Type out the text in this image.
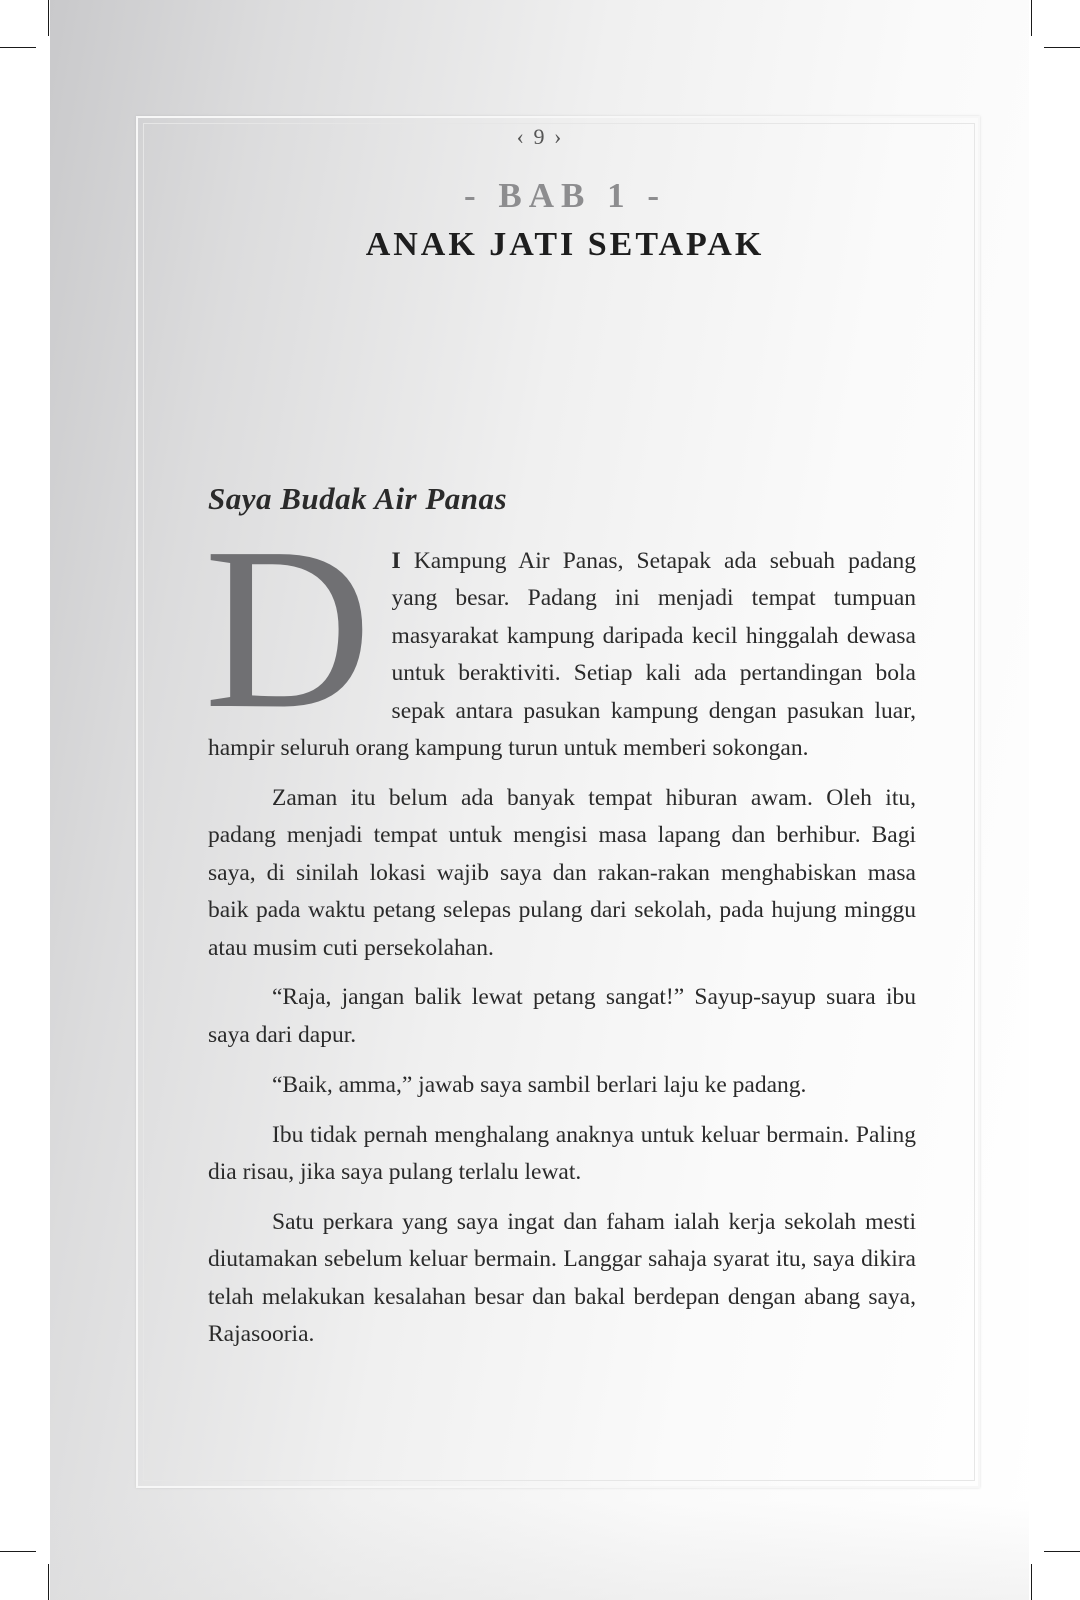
‹ 9 ›
- BAB 1 -
ANAK JATI SETAPAK
Saya Budak Air Panas

D I Kampung Air Panas, Setapak ada sebuah padang yang besar. Padang ini menjadi tempat tumpuan masyarakat kampung daripada kecil hinggalah dewasa untuk beraktiviti. Setiap kali ada pertandingan bola sepak antara pasukan kampung dengan pasukan luar, hampir seluruh orang kampung turun untuk memberi sokongan.

Zaman itu belum ada banyak tempat hiburan awam. Oleh itu, padang menjadi tempat untuk mengisi masa lapang dan berhibur. Bagi saya, di sinilah lokasi wajib saya dan rakan-rakan menghabiskan masa baik pada waktu petang selepas pulang dari sekolah, pada hujung minggu atau musim cuti persekolahan.

“Raja, jangan balik lewat petang sangat!” Sayup-sayup suara ibu saya dari dapur.

“Baik, amma,” jawab saya sambil berlari laju ke padang.

Ibu tidak pernah menghalang anaknya untuk keluar bermain. Paling dia risau, jika saya pulang terlalu lewat.

Satu perkara yang saya ingat dan faham ialah kerja sekolah mesti diutamakan sebelum keluar bermain. Langgar sahaja syarat itu, saya dikira telah melakukan kesalahan besar dan bakal berdepan dengan abang saya, Rajasooria.
